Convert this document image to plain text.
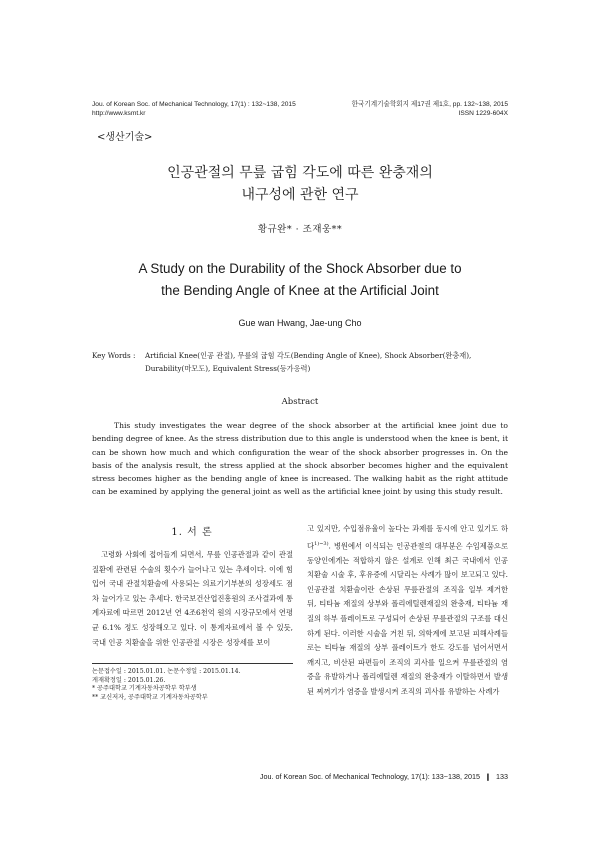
Jou. of Korean Soc. of Mechanical Technology, 17(1) : 132~138, 2015
http://www.ksmt.kr
한국기계기술학회지 제17권 제1호, pp. 132~138, 2015
ISSN 1229-604X
<생산기술>
인공관절의 무릎 굽힘 각도에 따른 완충재의
내구성에 관한 연구
황규완* · 조재웅**
A Study on the Durability of the Shock Absorber due to
the Bending Angle of Knee at the Artificial Joint
Gue wan Hwang, Jae-ung Cho
Key Words : Artificial Knee(인공 관절), 무릎의 굽힘 각도(Bending Angle of Knee), Shock Absorber(완충재),
Durability(마모도), Equivalent Stress(등가응력)
Abstract
This study investigates the wear degree of the shock absorber at the artificial knee joint due to bending degree of knee. As the stress distribution due to this angle is understood when the knee is bent, it can be shown how much and which configuration the wear of the shock absorber progresses in. On the basis of the analysis result, the stress applied at the shock absorber becomes higher and the equivalent stress becomes higher as the bending angle of knee is increased. The walking habit as the right attitude can be examined by applying the general joint as well as the artificial knee joint by using this study result.
1. 서 론

고령화 사회에 접어들게 되면서, 무릎 인공관절과 같이 관절질환에 관련된 수술의 횟수가 늘어나고 있는 추세이다. 이에 힘입어 국내 관절치환술에 사용되는 의료기기부분의 성장세도 점차 늘어가고 있는 추세다. 한국보건산업진흥원의 조사결과에 통계자료에 따르면 2012년 연 4조6천억 원의 시장규모에서 연평균 6.1% 정도 성장해오고 있다. 이 통계자료에서 볼 수 있듯, 국내 인공 치환술을 위한 인공관절 시장은 성장세를 보이

논문접수일 : 2015.01.01. 논문수정일 : 2015.01.14.
게재확정일 : 2015.01.26.
* 공주대학교 기계자동차공학부 학부생
** 교신저자, 공주대학교 기계자동차공학부

고 있지만, 수입점유율이 높다는 과제를 동시에 안고 있기도 하다$^{1)\sim 3)}$. 병원에서 이식되는 인공관절의 대부분은 수입제품으로 동양인에게는 적합하지 않은 설계로 인해 최근 국내에서 인공 치환술 시술 후, 후유증에 시달리는 사례가 많이 보고되고 있다. 인공관절 치환술이란 손상된 무릎관절의 조직을 일부 제거한 뒤, 티타늄 재질의 상부와 폴리에틸렌재질의 완충재, 티타늄 재질의 하부 플레이트로 구성되어 손상된 무릎관절의 구조를 대신하게 된다. 이러한 시술을 거친 뒤, 의학계에 보고된 피해사례들로는 티타늄 재질의 상부 플레이트가 한도 강도를 넘어서면서 깨지고, 비산된 파편들이 조직의 괴사를 일으켜 무릎관절의 염증을 유발하거나 폴리에틸렌 재질의 완충재가 이탈하면서 발생된 찌꺼기가 염증을 발생시켜 조직의 괴사를 유발하는 사례가

Jou. of Korean Soc. of Mechanical Technology, 17(1): 133~138, 2015 ❙ 133
